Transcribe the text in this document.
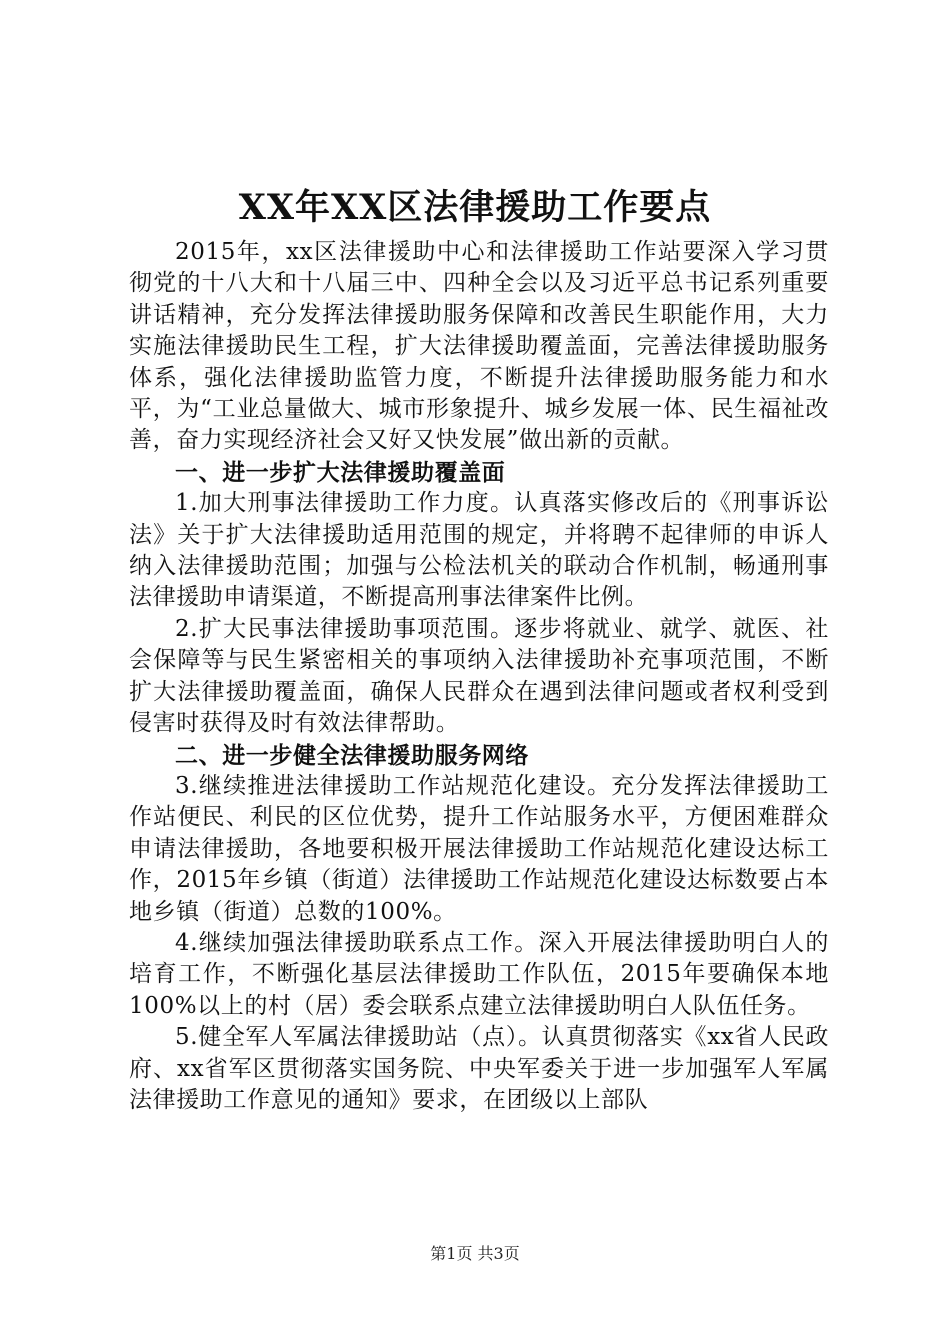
XX年XX区法律援助工作要点

2015年，xx区法律援助中心和法律援助工作站要深入学习贯彻党的十八大和十八届三中、四种全会以及习近平总书记系列重要讲话精神，充分发挥法律援助服务保障和改善民生职能作用，大力实施法律援助民生工程，扩大法律援助覆盖面，完善法律援助服务体系，强化法律援助监管力度，不断提升法律援助服务能力和水平，为“工业总量做大、城市形象提升、城乡发展一体、民生福祉改善，奋力实现经济社会又好又快发展”做出新的贡献。

一、进一步扩大法律援助覆盖面

1.加大刑事法律援助工作力度。认真落实修改后的《刑事诉讼法》关于扩大法律援助适用范围的规定，并将聘不起律师的申诉人纳入法律援助范围；加强与公检法机关的联动合作机制，畅通刑事法律援助申请渠道，不断提高刑事法律案件比例。

2.扩大民事法律援助事项范围。逐步将就业、就学、就医、社会保障等与民生紧密相关的事项纳入法律援助补充事项范围，不断扩大法律援助覆盖面，确保人民群众在遇到法律问题或者权利受到侵害时获得及时有效法律帮助。

二、进一步健全法律援助服务网络

3.继续推进法律援助工作站规范化建设。充分发挥法律援助工作站便民、利民的区位优势，提升工作站服务水平，方便困难群众申请法律援助，各地要积极开展法律援助工作站规范化建设达标工作，2015年乡镇（街道）法律援助工作站规范化建设达标数要占本地乡镇（街道）总数的100%。

4.继续加强法律援助联系点工作。深入开展法律援助明白人的培育工作，不断强化基层法律援助工作队伍，2015年要确保本地100%以上的村（居）委会联系点建立法律援助明白人队伍任务。

5.健全军人军属法律援助站（点）。认真贯彻落实《xx省人民政府、xx省军区贯彻落实国务院、中央军委关于进一步加强军人军属法律援助工作意见的通知》要求，在团级以上部队

第1页 共3页
